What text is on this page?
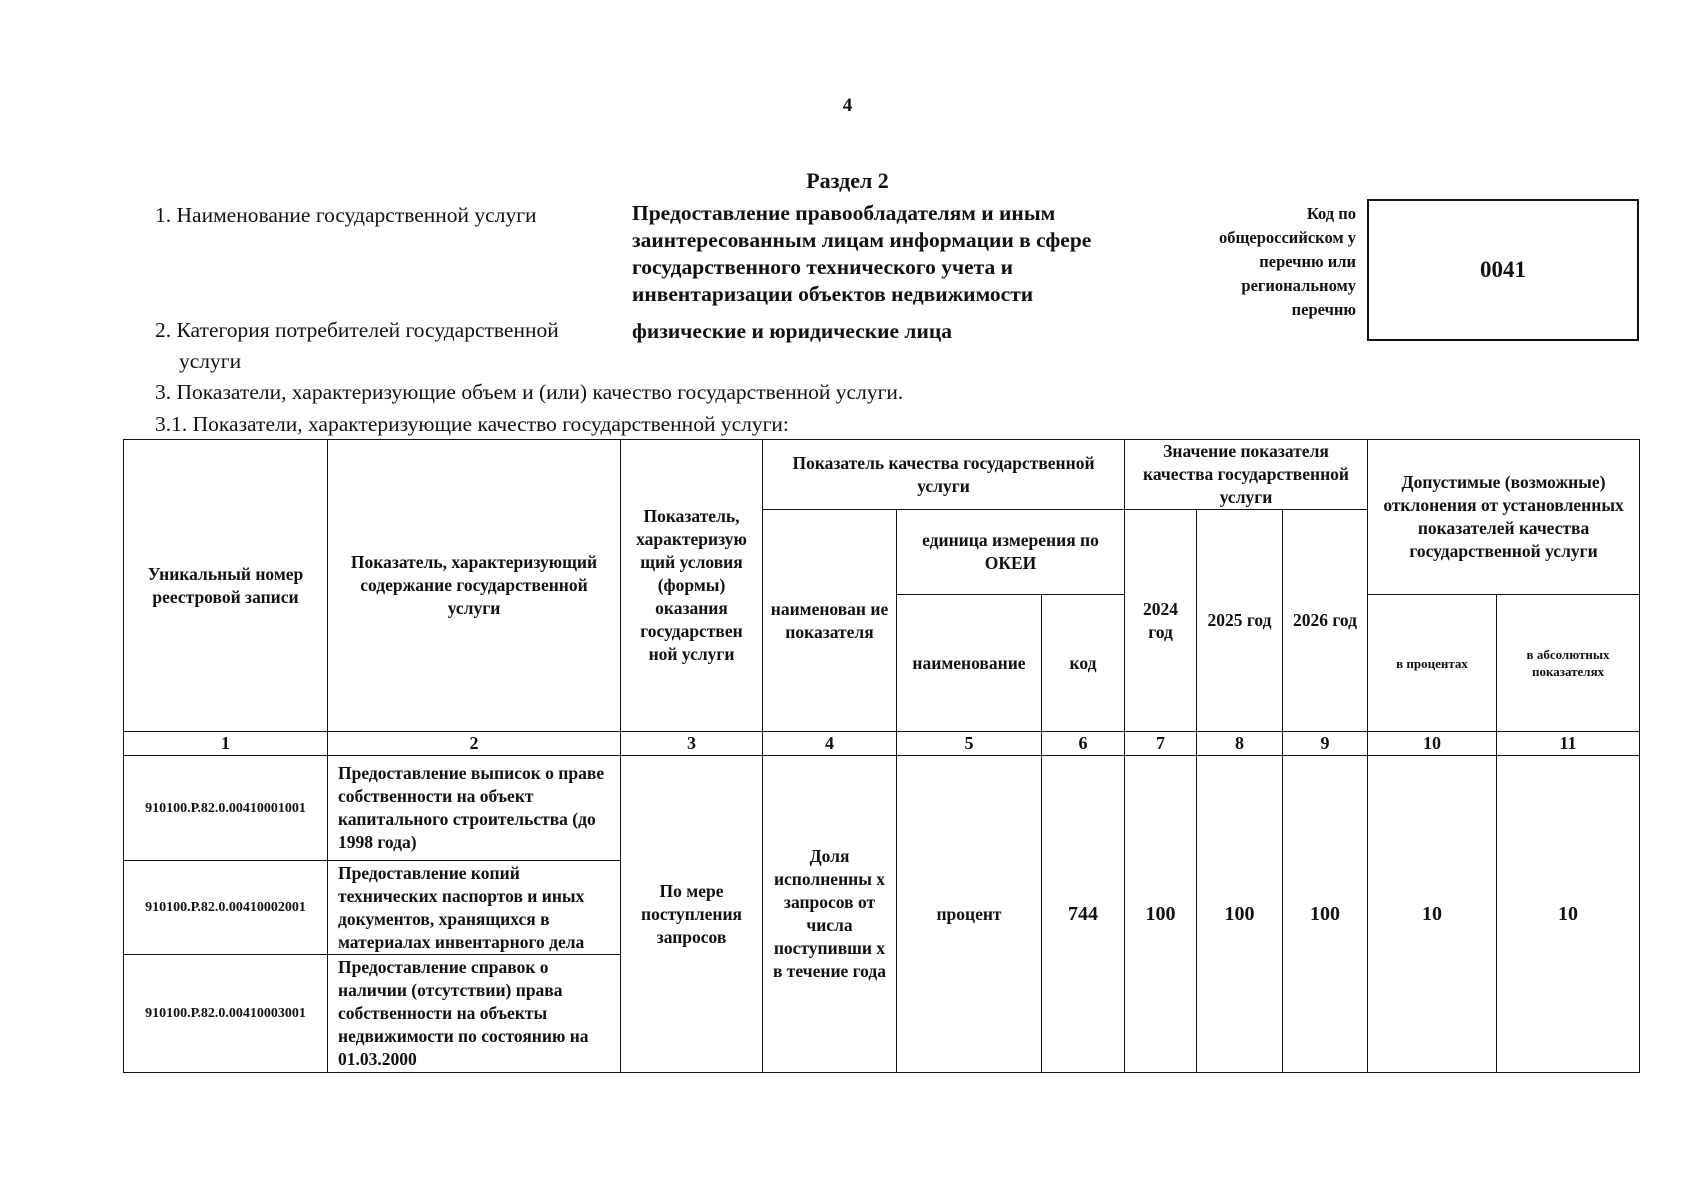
4
Раздел 2
1. Наименование государственной услуги	Предоставление правообладателям и иным заинтересованным лицам информации в сфере государственного технического учета и инвентаризации объектов недвижимости
2. Категория потребителей государственной
услуги
физические и юридические лица
Код по общероссийском у перечню или региональному перечню
0041
3. Показатели, характеризующие объем и (или) качество государственной услуги.
3.1. Показатели, характеризующие качество государственной услуги:
Уникальный номер реестровой записи	Показатель, характеризующий содержание государственной услуги	Показатель, характеризую щий условия (формы) оказания государствен ной услуги	Показатель качества государственной услуги			Значение показателя качества государственной услуги			Допустимые (возможные) отклонения от установленных показателей качества государственной услуги	
			наименован ие показателя	единица измерения по ОКЕИ		2024 год	2025 год	2026 год		
				наименование	код				в процентах	в абсолютных показателях
1	2	3	4	5	6	7	8	9	10	11
910100.Р.82.0.00410001001	Предоставление выписок о праве собственности на объект капитального строительства (до 1998 года)	По мере поступления запросов	Доля исполненны х запросов от числа поступивши х в течение года	процент	744	100	100	100	10	10
910100.Р.82.0.00410002001	Предоставление копий технических паспортов и иных документов, хранящихся в материалах инвентарного дела									
910100.Р.82.0.00410003001	Предоставление справок о наличии (отсутствии) права собственности на объекты недвижимости по состоянию на 01.03.2000									
